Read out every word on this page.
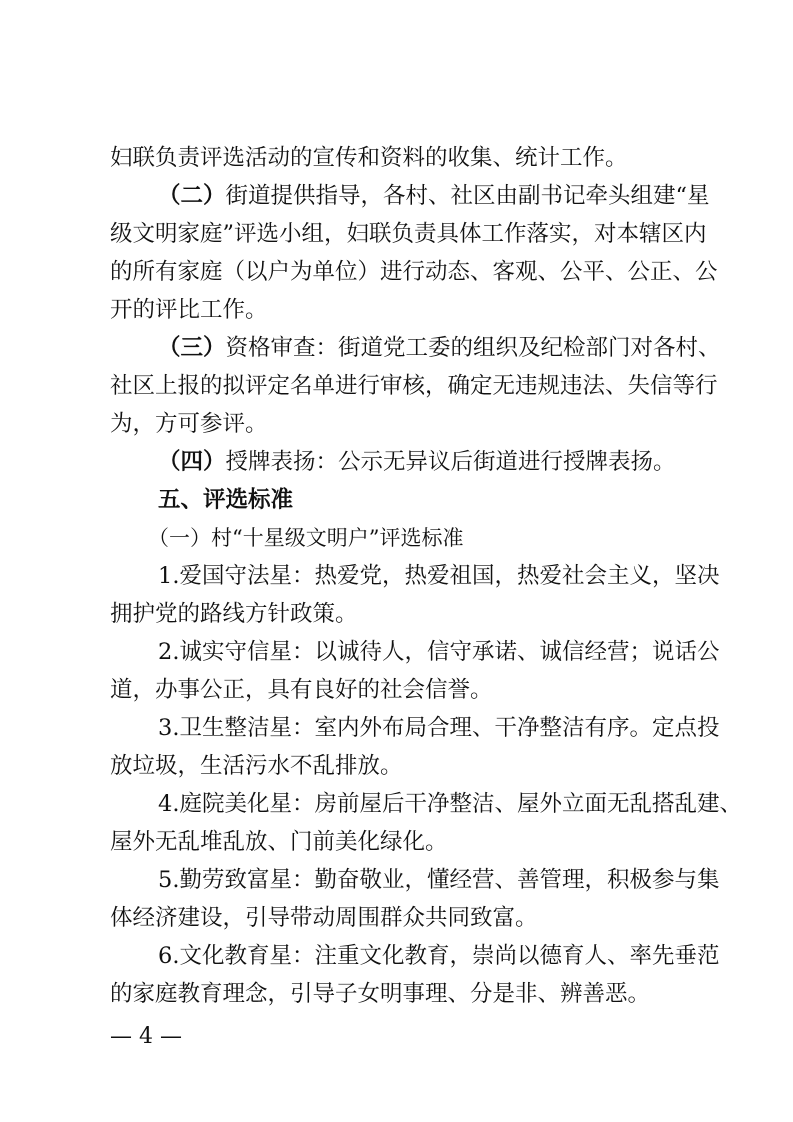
妇联负责评选活动的宣传和资料的收集、统计工作。
（二）街道提供指导，各村、社区由副书记牵头组建“星
级文明家庭”评选小组，妇联负责具体工作落实，对本辖区内
的所有家庭（以户为单位）进行动态、客观、公平、公正、公
开的评比工作。
（三）资格审查：街道党工委的组织及纪检部门对各村、
社区上报的拟评定名单进行审核，确定无违规违法、失信等行
为，方可参评。
（四）授牌表扬：公示无异议后街道进行授牌表扬。
五、评选标准
（一）村“十星级文明户”评选标准
1.爱国守法星：热爱党，热爱祖国，热爱社会主义，坚决
拥护党的路线方针政策。
2.诚实守信星：以诚待人，信守承诺、诚信经营；说话公
道，办事公正，具有良好的社会信誉。
3.卫生整洁星：室内外布局合理、干净整洁有序。定点投
放垃圾，生活污水不乱排放。
4.庭院美化星：房前屋后干净整洁、屋外立面无乱搭乱建、
屋外无乱堆乱放、门前美化绿化。
5.勤劳致富星：勤奋敬业，懂经营、善管理，积极参与集
体经济建设，引导带动周围群众共同致富。
6.文化教育星：注重文化教育，崇尚以德育人、率先垂范
的家庭教育理念，引导子女明事理、分是非、辨善恶。
— 4 —
